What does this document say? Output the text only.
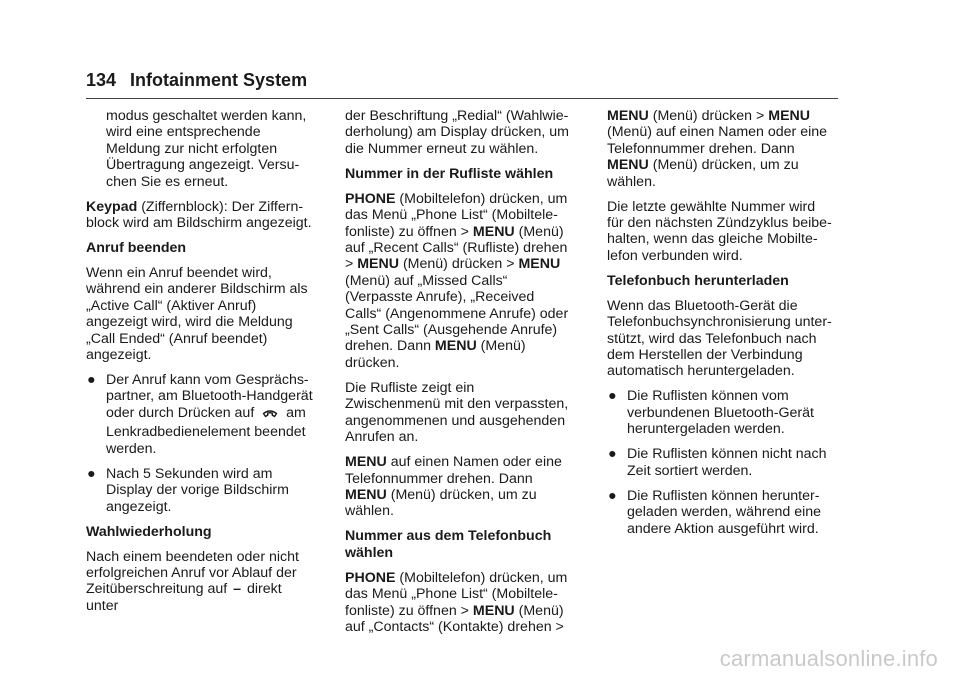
134 Infotainment System

modus geschaltet werden kann, wird eine entsprechende Meldung zur nicht erfolgten Übertragung angezeigt. Versu-chen Sie es erneut.

Keypad (Ziffernblock): Der Ziffern-block wird am Bildschirm angezeigt.

Anruf beenden

Wenn ein Anruf beendet wird, während ein anderer Bildschirm als „Active Call“ (Aktiver Anruf) angezeigt wird, wird die Meldung „Call Ended“ (Anruf beendet) angezeigt.

● Der Anruf kann vom Gesprächs-partner, am Bluetooth-Handgerät oder durch Drücken auf am Lenkradbedienelement beendet werden.
● Nach 5 Sekunden wird am Display der vorige Bildschirm angezeigt.

Wahlwiederholung

Nach einem beendeten oder nicht erfolgreichen Anruf vor Ablauf der Zeitüberschreitung auf – direkt unter

der Beschriftung „Redial“ (Wahlwie-derholung) am Display drücken, um die Nummer erneut zu wählen.

Nummer in der Rufliste wählen

PHONE (Mobiltelefon) drücken, um das Menü „Phone List“ (Mobiltele-fonliste) zu öffnen > MENU (Menü) auf „Recent Calls“ (Rufliste) drehen > MENU (Menü) drücken > MENU (Menü) auf „Missed Calls“ (Verpasste Anrufe), „Received Calls“ (Angenommene Anrufe) oder „Sent Calls“ (Ausgehende Anrufe) drehen. Dann MENU (Menü) drücken.

Die Rufliste zeigt ein Zwischenmenü mit den verpassten, angenommenen und ausgehenden Anrufen an.

MENU auf einen Namen oder eine Telefonnummer drehen. Dann MENU (Menü) drücken, um zu wählen.

Nummer aus dem Telefonbuch wählen

PHONE (Mobiltelefon) drücken, um das Menü „Phone List“ (Mobiltele-fonliste) zu öffnen > MENU (Menü) auf „Contacts“ (Kontakte) drehen >

MENU (Menü) drücken > MENU (Menü) auf einen Namen oder eine Telefonnummer drehen. Dann MENU (Menü) drücken, um zu wählen.

Die letzte gewählte Nummer wird für den nächsten Zündzyklus beibe-halten, wenn das gleiche Mobilte-lefon verbunden wird.

Telefonbuch herunterladen

Wenn das Bluetooth-Gerät die Telefonbuchsynchronisierung unter-stützt, wird das Telefonbuch nach dem Herstellen der Verbindung automatisch heruntergeladen.

● Die Ruflisten können vom verbundenen Bluetooth-Gerät heruntergeladen werden.
● Die Ruflisten können nicht nach Zeit sortiert werden.
● Die Ruflisten können herunter-geladen werden, während eine andere Aktion ausgeführt wird.
carmanualsonline.info
